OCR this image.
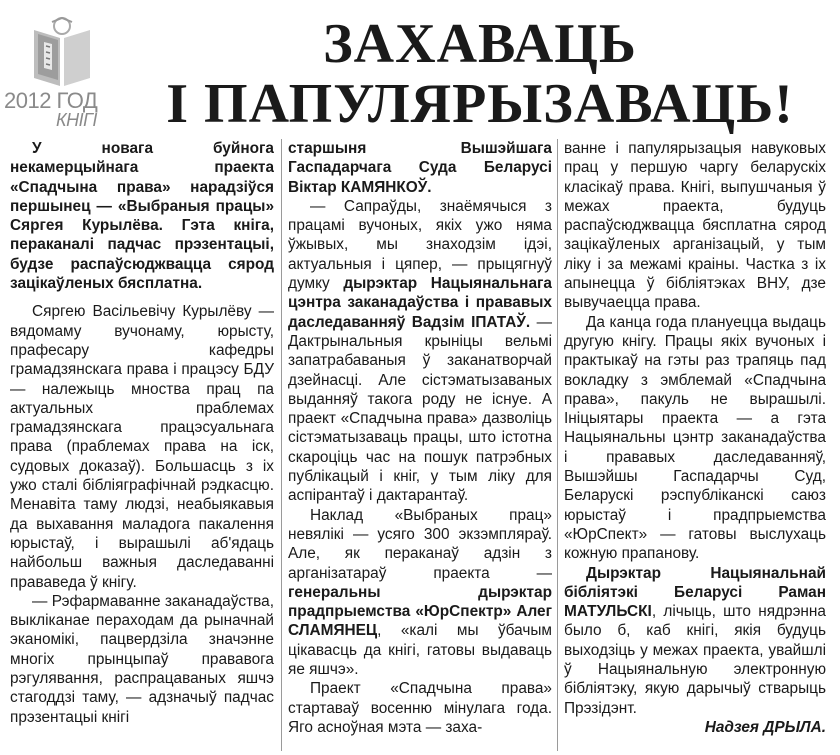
2012 ГОД
КНІГІ
ЗАХАВАЦЬ
І ПАПУЛЯРЫЗАВАЦЬ!

У новага буйнога некамерцыйнага праекта «Спадчына права» нарадзіўся першынец — «Выбраныя працы» Сяргея Курылёва. Гэта кніга, пераканалі падчас прэзентацыі, будзе распаўсюджвацца сярод зацікаўленых бясплатна.

Сяргею Васільевічу Курылёву — вядомаму вучонаму, юрысту, прафесару кафедры грамадзянскага права і працэсу БДУ — належыць мноства прац па актуальных праблемах грамадзянскага працэсуальнага права (праблемах права на іск, судовых доказаў). Большасць з іх ужо сталі бібліяграфічнай рэдкасцю. Менавіта таму людзі, неабыякавыя да выхавання маладога пакалення юрыстаў, і вырашылі аб'ядаць найбольш важныя даследаванні прававеда ў кнігу.

— Рэфармаванне заканадаўства, выкліканае пераходам да рыначнай эканомікі, пацвердзіла значэнне многіх прынцыпаў прававога рэгулявання, распрацаваных яшчэ стагоддзі таму, — адзначыў падчас прэзентацыі кнігі

старшыня Вышэйшага Гаспадарчага Суда Беларусі Віктар КАМЯНКОЎ.

— Сапраўды, знаёмячыся з працамі вучоных, якіх ужо няма ўжывых, мы знаходзім ідэі, актуальныя і цяпер, — прыцягнуў думку дырэктар Нацыянальнага цэнтра заканадаўства і прававых даследаванняў Вадзім ІПАТАЎ. — Дактрынальныя крыніцы вельмі запатрабаваныя ў заканатворчай дзейнасці. Але сістэматызаваных выданняў такога роду не існуе. А праект «Спадчына права» дазволіць сістэматызаваць працы, што істотна скароціць час на пошук патрэбных публікацый і кніг, у тым ліку для аспірантаў і дактарантаў.

Наклад «Выбраных прац» невялікі — усяго 300 экзэмпляраў. Але, як пераканаў адзін з арганізатараў праекта — генеральны дырэктар прадпрыемства «ЮрСпектр» Алег СЛАМЯНЕЦ, «калі мы ўбачым цікавасць да кнігі, гатовы выдаваць яе яшчэ».

Праект «Спадчына права» стартаваў восенню мінулага года. Яго асноўная мэта — заха-

ванне і папулярызацыя навуковых прац у першую чаргу беларускіх класікаў права. Кнігі, выпушчаныя ў межах праекта, будуць распаўсюджвацца бясплатна сярод зацікаўленых арганізацый, у тым ліку і за межамі краіны. Частка з іх апынецца ў бібліятэках ВНУ, дзе вывучаецца права.

Да канца года плануецца выдаць другую кнігу. Працы якіх вучоных і практыкаў на гэты раз трапяць пад вокладку з эмблемай «Спадчына права», пакуль не вырашылі. Ініцыятары праекта — а гэта Нацыянальны цэнтр заканадаўства і прававых даследаванняў, Вышэйшы Гаспадарчы Суд, Беларускі рэспубліканскі саюз юрыстаў і прадпрыемства «ЮрСпект» — гатовы выслухаць кожную прапанову.

Дырэктар Нацыянальнай бібліятэкі Беларусі Раман МАТУЛЬСКІ, лічыць, што нядрэнна было б, каб кнігі, якія будуць выходзіць у межах праекта, увайшлі ў Нацыянальную электронную бібліятэку, якую дарычыў стварыць Прэзідэнт.

Надзея ДРЫЛА.
